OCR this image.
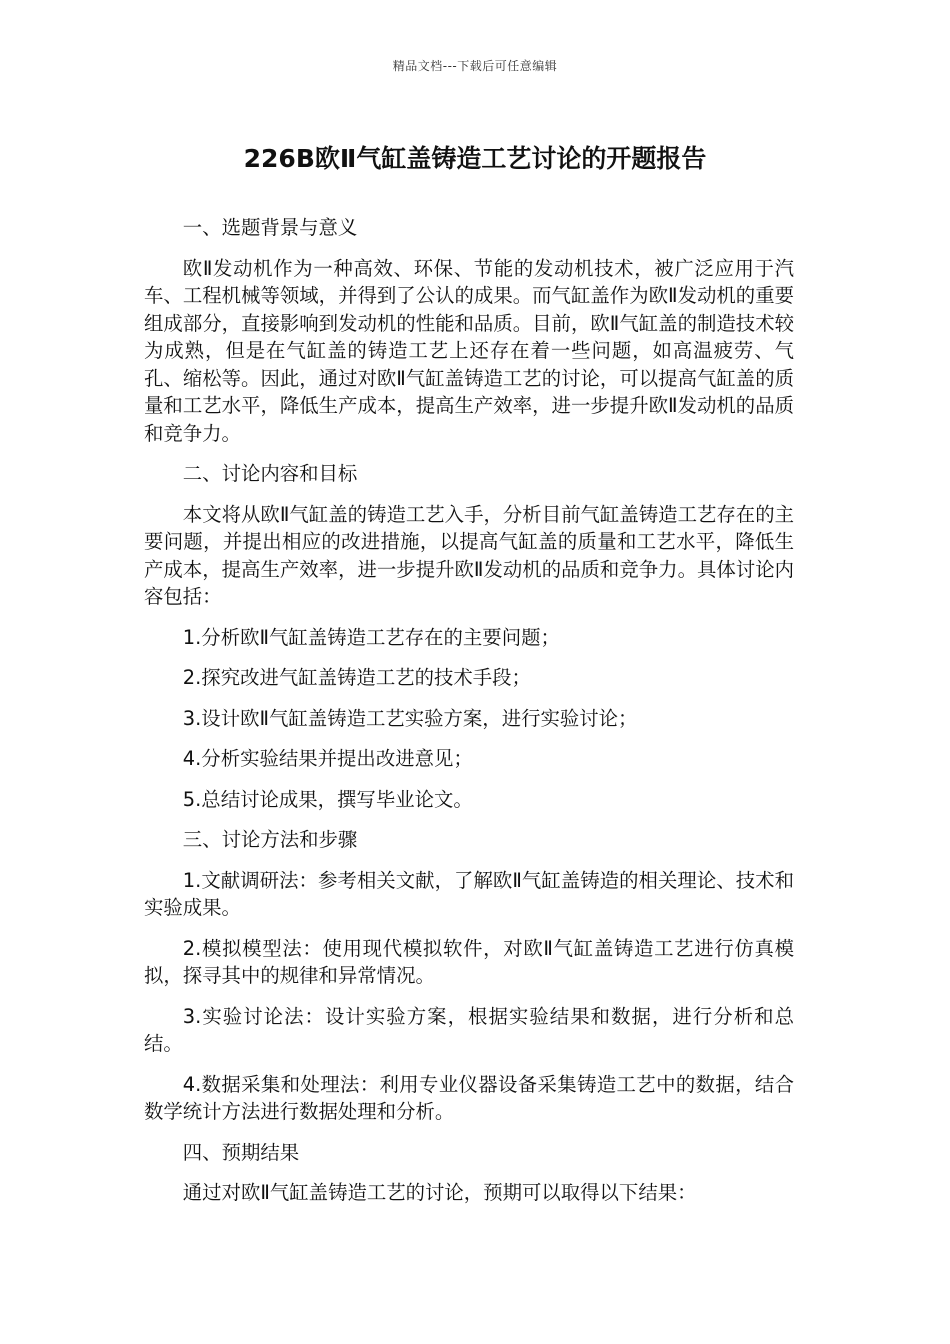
精品文档---下载后可任意编辑
226B欧Ⅱ气缸盖铸造工艺讨论的开题报告

一、选题背景与意义

欧Ⅱ发动机作为一种高效、环保、节能的发动机技术，被广泛应用于汽车、工程机械等领域，并得到了公认的成果。而气缸盖作为欧Ⅱ发动机的重要组成部分，直接影响到发动机的性能和品质。目前，欧Ⅱ气缸盖的制造技术较为成熟，但是在气缸盖的铸造工艺上还存在着一些问题，如高温疲劳、气孔、缩松等。因此，通过对欧Ⅱ气缸盖铸造工艺的讨论，可以提高气缸盖的质量和工艺水平，降低生产成本，提高生产效率，进一步提升欧Ⅱ发动机的品质和竞争力。

二、讨论内容和目标

本文将从欧Ⅱ气缸盖的铸造工艺入手，分析目前气缸盖铸造工艺存在的主要问题，并提出相应的改进措施，以提高气缸盖的质量和工艺水平，降低生产成本，提高生产效率，进一步提升欧Ⅱ发动机的品质和竞争力。具体讨论内容包括：

1.分析欧Ⅱ气缸盖铸造工艺存在的主要问题；

2.探究改进气缸盖铸造工艺的技术手段；

3.设计欧Ⅱ气缸盖铸造工艺实验方案，进行实验讨论；

4.分析实验结果并提出改进意见；

5.总结讨论成果，撰写毕业论文。

三、讨论方法和步骤

1.文献调研法：参考相关文献，了解欧Ⅱ气缸盖铸造的相关理论、技术和实验成果。

2.模拟模型法：使用现代模拟软件，对欧Ⅱ气缸盖铸造工艺进行仿真模拟，探寻其中的规律和异常情况。

3.实验讨论法：设计实验方案，根据实验结果和数据，进行分析和总结。

4.数据采集和处理法：利用专业仪器设备采集铸造工艺中的数据，结合数学统计方法进行数据处理和分析。

四、预期结果

通过对欧Ⅱ气缸盖铸造工艺的讨论，预期可以取得以下结果：
